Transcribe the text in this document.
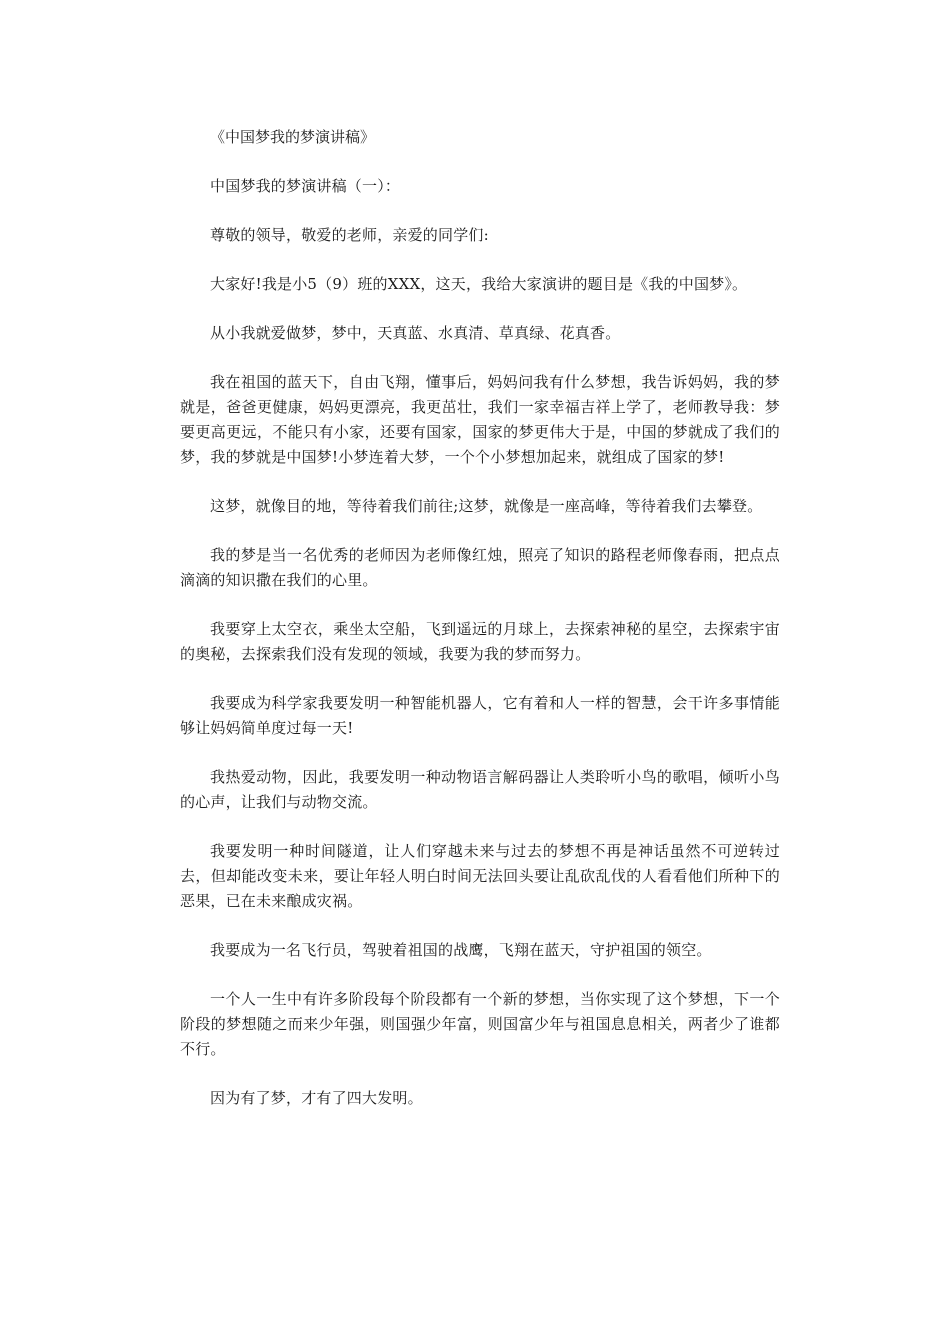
《中国梦我的梦演讲稿》

中国梦我的梦演讲稿（一）：

尊敬的领导，敬爱的老师，亲爱的同学们:

大家好!我是小5（9）班的XXX，这天，我给大家演讲的题目是《我的中国梦》。

从小我就爱做梦，梦中，天真蓝、水真清、草真绿、花真香。

我在祖国的蓝天下，自由飞翔，懂事后，妈妈问我有什么梦想，我告诉妈妈，我的梦就是，爸爸更健康，妈妈更漂亮，我更茁壮，我们一家幸福吉祥上学了，老师教导我：梦要更高更远，不能只有小家，还要有国家，国家的梦更伟大于是，中国的梦就成了我们的梦，我的梦就是中国梦!小梦连着大梦，一个个小梦想加起来，就组成了国家的梦!

这梦，就像目的地，等待着我们前往;这梦，就像是一座高峰，等待着我们去攀登。

我的梦是当一名优秀的老师因为老师像红烛，照亮了知识的路程老师像春雨，把点点滴滴的知识撒在我们的心里。

我要穿上太空衣，乘坐太空船，飞到遥远的月球上，去探索神秘的星空，去探索宇宙的奥秘，去探索我们没有发现的领域，我要为我的梦而努力。

我要成为科学家我要发明一种智能机器人，它有着和人一样的智慧，会干许多事情能够让妈妈简单度过每一天!

我热爱动物，因此，我要发明一种动物语言解码器让人类聆听小鸟的歌唱，倾听小鸟的心声，让我们与动物交流。

我要发明一种时间隧道，让人们穿越未来与过去的梦想不再是神话虽然不可逆转过去，但却能改变未来，要让年轻人明白时间无法回头要让乱砍乱伐的人看看他们所种下的恶果，已在未来酿成灾祸。

我要成为一名飞行员，驾驶着祖国的战鹰，飞翔在蓝天，守护祖国的领空。

一个人一生中有许多阶段每个阶段都有一个新的梦想，当你实现了这个梦想，下一个阶段的梦想随之而来少年强，则国强少年富，则国富少年与祖国息息相关，两者少了谁都不行。

因为有了梦，才有了四大发明。
